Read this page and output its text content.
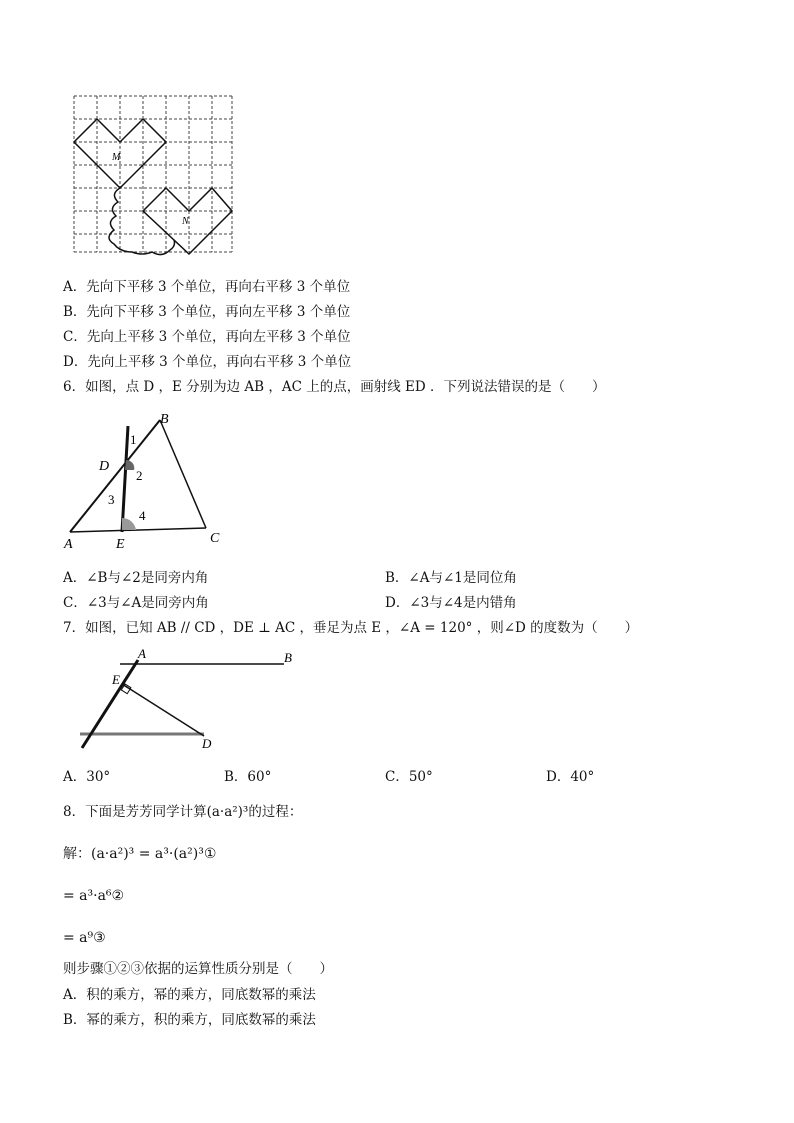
M
N
A．先向下平移 3 个单位，再向右平移 3 个单位
B．先向下平移 3 个单位，再向左平移 3 个单位
C．先向上平移 3 个单位，再向左平移 3 个单位
D．先向上平移 3 个单位，再向右平移 3 个单位
6．如图，点 D ，E 分别为边 AB ，AC 上的点，画射线 ED ．下列说法错误的是（　　）
B
1
D
2
3
4
A	E	C
A．∠B与∠2是同旁内角	B．∠A与∠1是同位角
C．∠3与∠A是同旁内角	D．∠3与∠4是内错角
7．如图，已知 AB // CD ，DE ⊥ AC ，垂足为点 E ，∠A = 120° ，则∠D 的度数为（　　）
A	B
E
D
A．30°	B．60°	C．50°	D．40°
8．下面是芳芳同学计算(a·a²)³的过程：
解：(a·a²)³ = a³·(a²)³①
= a³·a⁶②
= a⁹③
则步骤①②③依据的运算性质分别是（　　）
A．积的乘方，幂的乘方，同底数幂的乘法
B．幂的乘方，积的乘方，同底数幂的乘法
